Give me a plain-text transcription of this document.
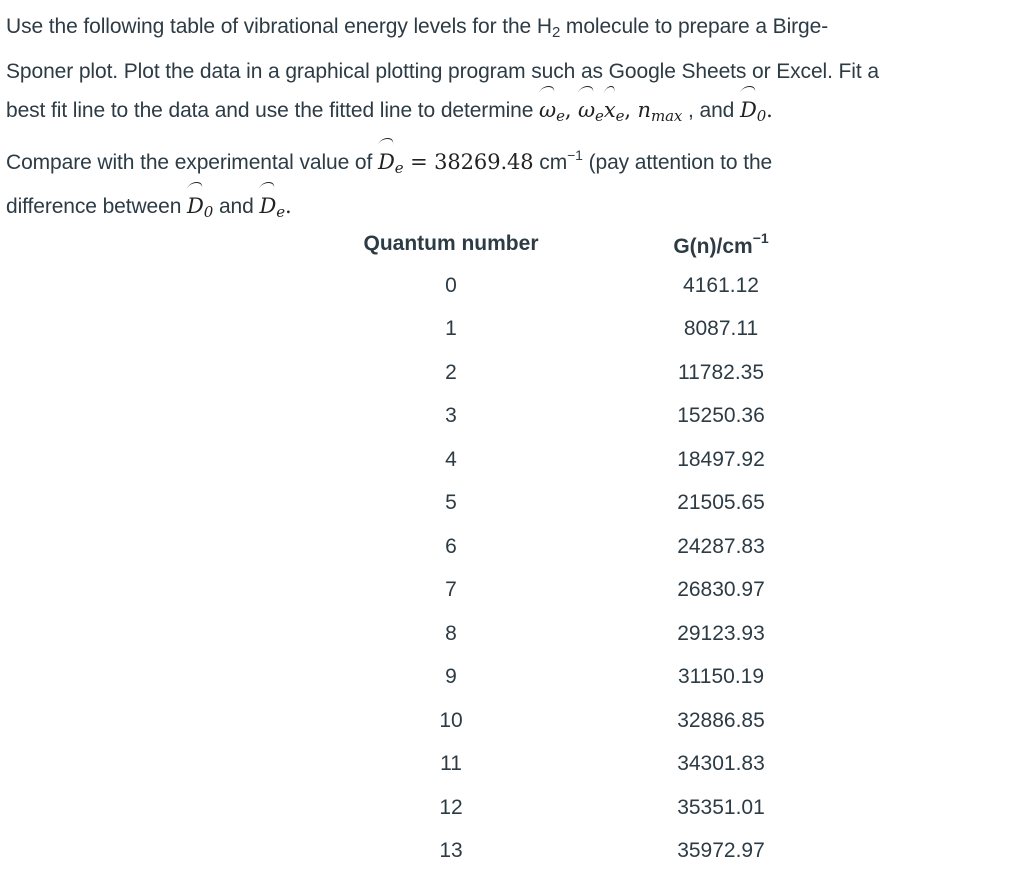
Use the following table of vibrational energy levels for the H2 molecule to prepare a Birge-
Sponer plot. Plot the data in a graphical plotting program such as Google Sheets or Excel. Fit a
best fit line to the data and use the fitted line to determine ωe, ωexe, nmax , and D0.
Compare with the experimental value of De = 38269.48 $cm^{-1}$ (pay attention to the
difference between D0 and De.
Quantum number	$G(n)/cm^{-1}$
0	4161.12
1	8087.11
2	11782.35
3	15250.36
4	18497.92
5	21505.65
6	24287.83
7	26830.97
8	29123.93
9	31150.19
10	32886.85
11	34301.83
12	35351.01
13	35972.97
